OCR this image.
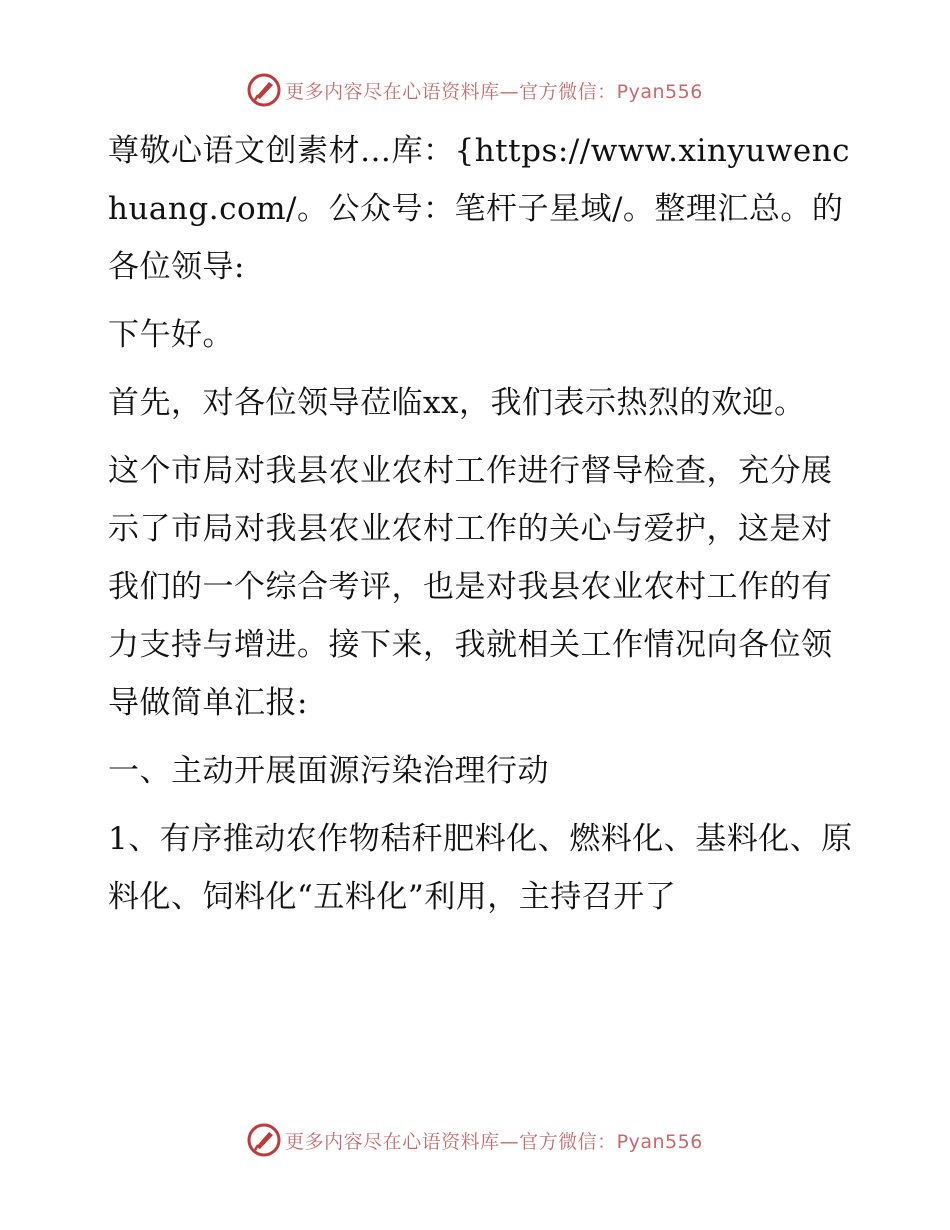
更多内容尽在心语资料库—官方微信：Pyan556

尊敬心语文创素材…库：{https://www.xinyuwenchuang.com/。公众号：笔杆子星域/。整理汇总。的各位领导:

下午好。

首先，对各位领导莅临xx，我们表示热烈的欢迎。

这个市局对我县农业农村工作进行督导检查，充分展示了市局对我县农业农村工作的关心与爱护，这是对我们的一个综合考评，也是对我县农业农村工作的有力支持与增进。接下来，我就相关工作情况向各位领导做简单汇报:

一、主动开展面源污染治理行动

1、有序推动农作物秸秆肥料化、燃料化、基料化、原料化、饲料化“五料化”利用，主持召开了

更多内容尽在心语资料库—官方微信：Pyan556
